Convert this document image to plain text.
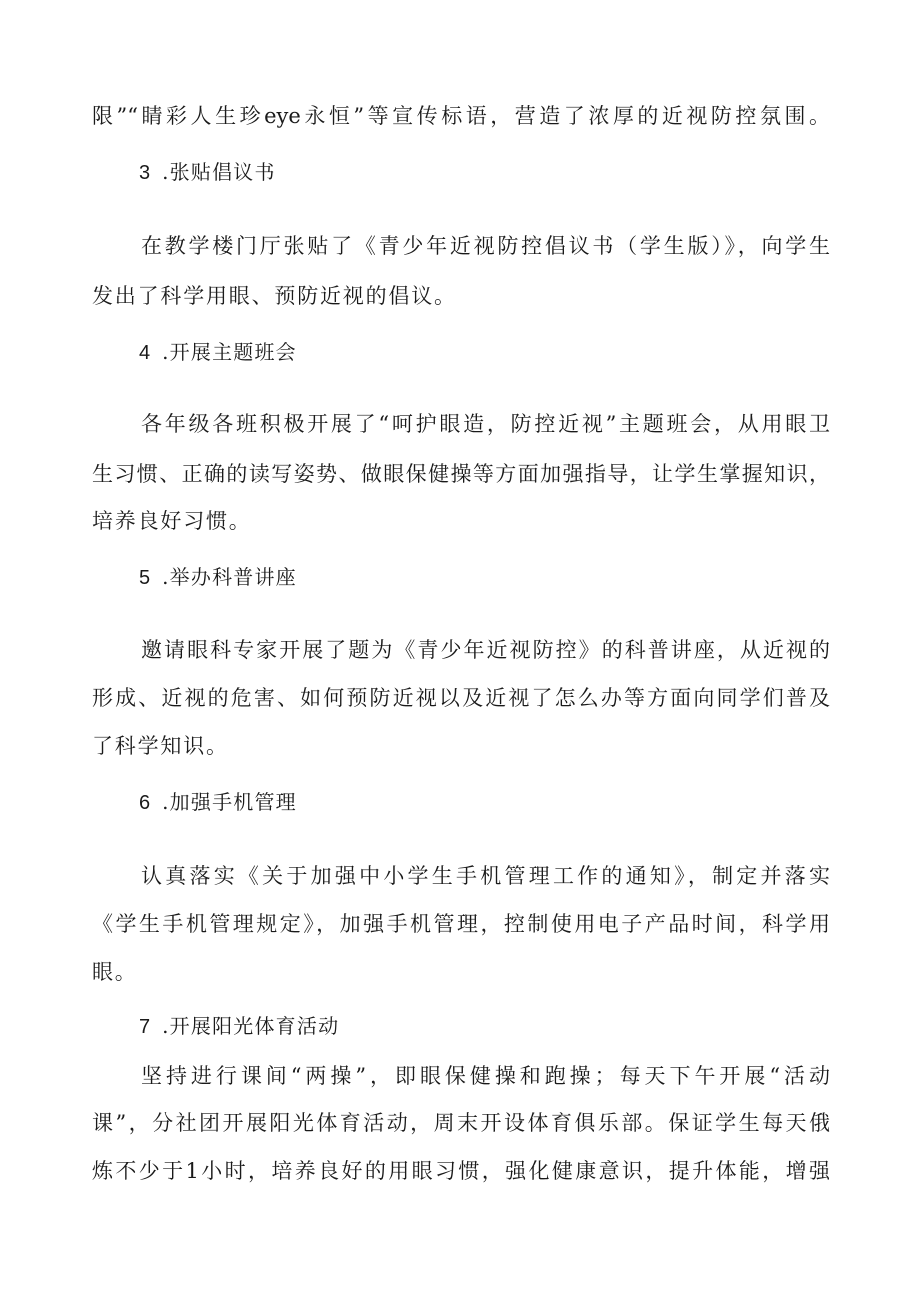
限”“睛彩人生珍eye永恒”等宣传标语，营造了浓厚的近视防控氛围。
3 .张贴倡议书
在教学楼门厅张贴了《青少年近视防控倡议书（学生版）》，向学生
发出了科学用眼、预防近视的倡议。
4 .开展主题班会
各年级各班积极开展了“呵护眼造，防控近视”主题班会，从用眼卫
生习惯、正确的读写姿势、做眼保健操等方面加强指导，让学生掌握知识，
培养良好习惯。
5 .举办科普讲座
邀请眼科专家开展了题为《青少年近视防控》的科普讲座，从近视的
形成、近视的危害、如何预防近视以及近视了怎么办等方面向同学们普及
了科学知识。
6 .加强手机管理
认真落实《关于加强中小学生手机管理工作的通知》，制定并落实
《学生手机管理规定》，加强手机管理，控制使用电子产品时间，科学用
眼。
7 .开展阳光体育活动
坚持进行课间“两操”，即眼保健操和跑操；每天下午开展“活动
课”，分社团开展阳光体育活动，周末开设体育俱乐部。保证学生每天俄
炼不少于1小时，培养良好的用眼习惯，强化健康意识，提升体能，增强
